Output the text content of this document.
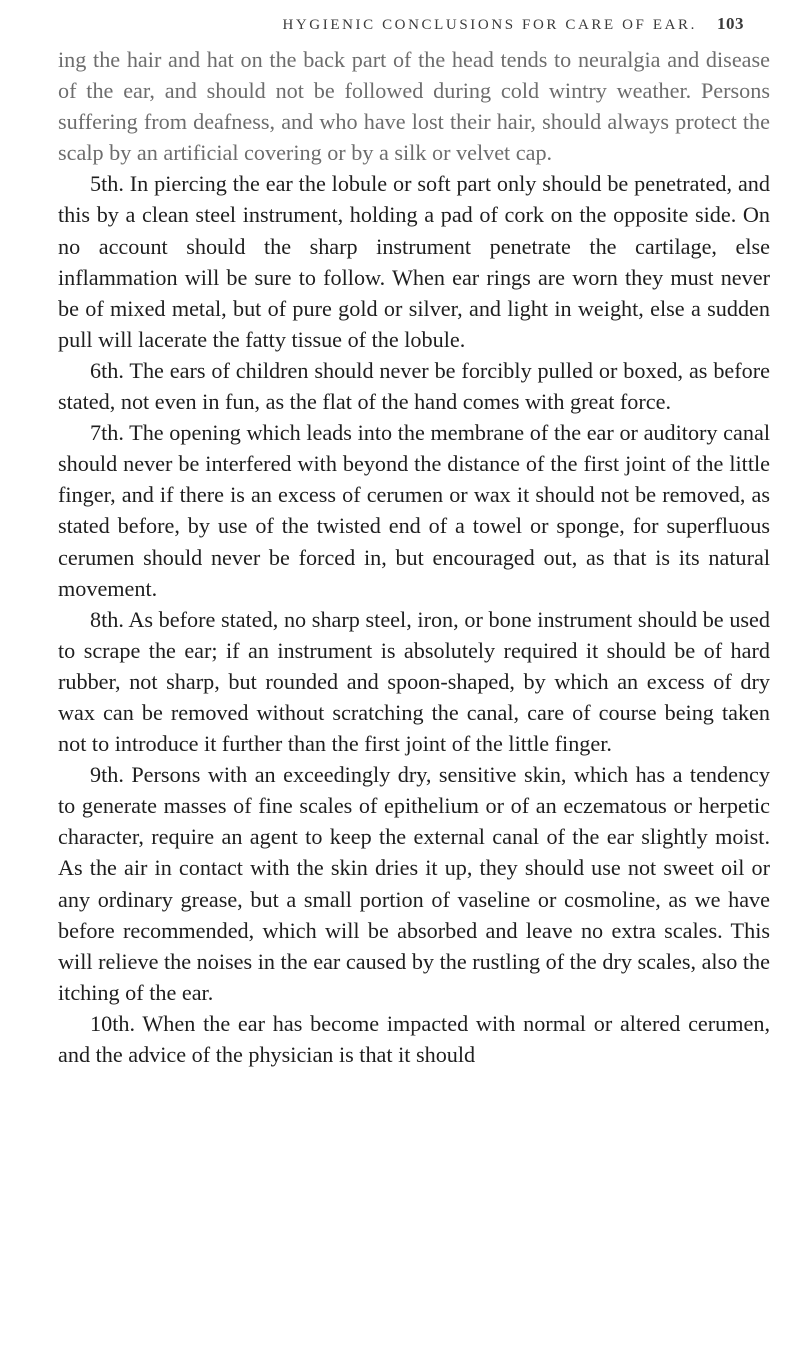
HYGIENIC CONCLUSIONS FOR CARE OF EAR. 103

ing the hair and hat on the back part of the head tends to neuralgia and disease of the ear, and should not be followed during cold wintry weather. Persons suffering from deafness, and who have lost their hair, should always protect the scalp by an artificial covering or by a silk or velvet cap.

5th. In piercing the ear the lobule or soft part only should be penetrated, and this by a clean steel instrument, holding a pad of cork on the opposite side. On no account should the sharp instrument penetrate the cartilage, else inflammation will be sure to follow. When ear rings are worn they must never be of mixed metal, but of pure gold or silver, and light in weight, else a sudden pull will lacerate the fatty tissue of the lobule.

6th. The ears of children should never be forcibly pulled or boxed, as before stated, not even in fun, as the flat of the hand comes with great force.

7th. The opening which leads into the membrane of the ear or auditory canal should never be interfered with beyond the distance of the first joint of the little finger, and if there is an excess of cerumen or wax it should not be removed, as stated before, by use of the twisted end of a towel or sponge, for superfluous cerumen should never be forced in, but encouraged out, as that is its natural movement.

8th. As before stated, no sharp steel, iron, or bone instrument should be used to scrape the ear; if an instrument is absolutely required it should be of hard rubber, not sharp, but rounded and spoon-shaped, by which an excess of dry wax can be removed without scratching the canal, care of course being taken not to introduce it further than the first joint of the little finger.

9th. Persons with an exceedingly dry, sensitive skin, which has a tendency to generate masses of fine scales of epithelium or of an eczematous or herpetic character, require an agent to keep the external canal of the ear slightly moist. As the air in contact with the skin dries it up, they should use not sweet oil or any ordinary grease, but a small portion of vaseline or cosmoline, as we have before recommended, which will be absorbed and leave no extra scales. This will relieve the noises in the ear caused by the rustling of the dry scales, also the itching of the ear.

10th. When the ear has become impacted with normal or altered cerumen, and the advice of the physician is that it should
